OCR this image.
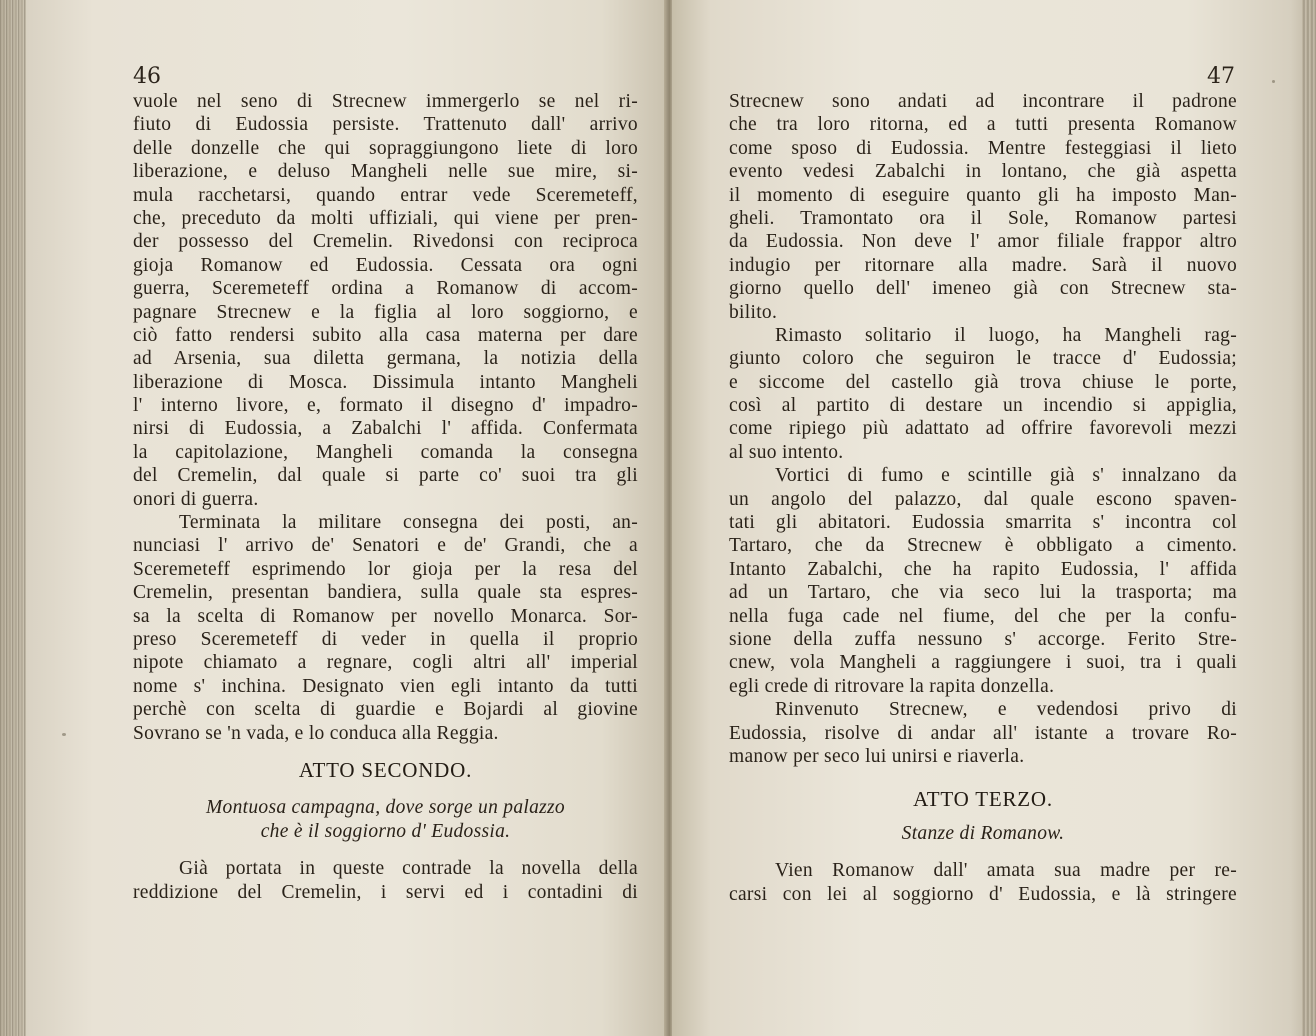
46
vuole nel seno di Strecnew immergerlo se nel ri-
fiuto di Eudossia persiste. Trattenuto dall' arrivo
delle donzelle che qui sopraggiungono liete di loro
liberazione, e deluso Mangheli nelle sue mire, si-
mula racchetarsi, quando entrar vede Sceremeteff,
che, preceduto da molti uffiziali, qui viene per pren-
der possesso del Cremelin. Rivedonsi con reciproca
gioja Romanow ed Eudossia. Cessata ora ogni
guerra, Sceremeteff ordina a Romanow di accom-
pagnare Strecnew e la figlia al loro soggiorno, e
ciò fatto rendersi subito alla casa materna per dare
ad Arsenia, sua diletta germana, la notizia della
liberazione di Mosca. Dissimula intanto Mangheli
l' interno livore, e, formato il disegno d' impadro-
nirsi di Eudossia, a Zabalchi l' affida. Confermata
la capitolazione, Mangheli comanda la consegna
del Cremelin, dal quale si parte co' suoi tra gli
onori di guerra.
Terminata la militare consegna dei posti, an-
nunciasi l' arrivo de' Senatori e de' Grandi, che a
Sceremeteff esprimendo lor gioja per la resa del
Cremelin, presentan bandiera, sulla quale sta espres-
sa la scelta di Romanow per novello Monarca. Sor-
preso Sceremeteff di veder in quella il proprio
nipote chiamato a regnare, cogli altri all' imperial
nome s' inchina. Designato vien egli intanto da tutti
perchè con scelta di guardie e Bojardi al giovine
Sovrano se 'n vada, e lo conduca alla Reggia.
ATTO SECONDO.
Montuosa campagna, dove sorge un palazzo
che è il soggiorno d' Eudossia.
Già portata in queste contrade la novella della
reddizione del Cremelin, i servi ed i contadini di
47
Strecnew sono andati ad incontrare il padrone
che tra loro ritorna, ed a tutti presenta Romanow
come sposo di Eudossia. Mentre festeggiasi il lieto
evento vedesi Zabalchi in lontano, che già aspetta
il momento di eseguire quanto gli ha imposto Man-
gheli. Tramontato ora il Sole, Romanow partesi
da Eudossia. Non deve l' amor filiale frappor altro
indugio per ritornare alla madre. Sarà il nuovo
giorno quello dell' imeneo già con Strecnew sta-
bilito.
Rimasto solitario il luogo, ha Mangheli rag-
giunto coloro che seguiron le tracce d' Eudossia;
e siccome del castello già trova chiuse le porte,
così al partito di destare un incendio si appiglia,
come ripiego più adattato ad offrire favorevoli mezzi
al suo intento.
Vortici di fumo e scintille già s' innalzano da
un angolo del palazzo, dal quale escono spaven-
tati gli abitatori. Eudossia smarrita s' incontra col
Tartaro, che da Strecnew è obbligato a cimento.
Intanto Zabalchi, che ha rapito Eudossia, l' affida
ad un Tartaro, che via seco lui la trasporta; ma
nella fuga cade nel fiume, del che per la confu-
sione della zuffa nessuno s' accorge. Ferito Stre-
cnew, vola Mangheli a raggiungere i suoi, tra i quali
egli crede di ritrovare la rapita donzella.
Rinvenuto Strecnew, e vedendosi privo di
Eudossia, risolve di andar all' istante a trovare Ro-
manow per seco lui unirsi e riaverla.
ATTO TERZO.
Stanze di Romanow.
Vien Romanow dall' amata sua madre per re-
carsi con lei al soggiorno d' Eudossia, e là stringere
